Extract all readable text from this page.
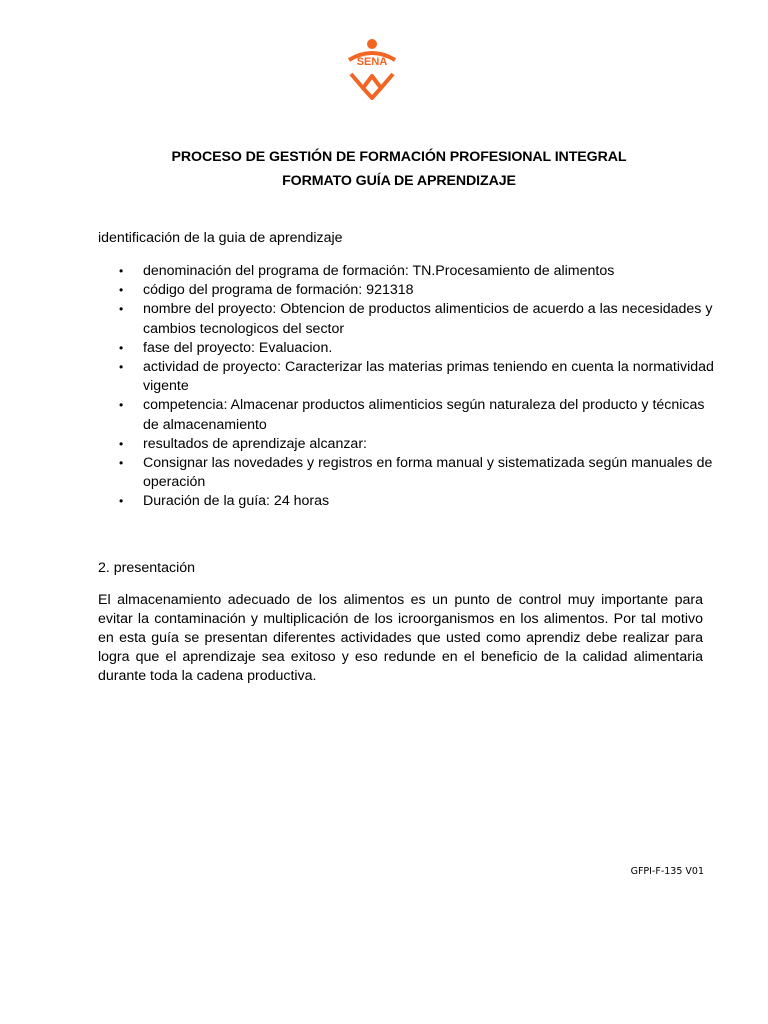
SENA
PROCESO DE GESTIÓN DE FORMACIÓN PROFESIONAL INTEGRAL
FORMATO GUÍA DE APRENDIZAJE
identificación de la guia de aprendizaje
• denominación del programa de formación: TN.Procesamiento de alimentos
• código del programa de formación: 921318
• nombre del proyecto: Obtencion de productos alimenticios de acuerdo a las necesidades y cambios tecnologicos del sector
• fase del proyecto: Evaluacion.
• actividad de proyecto: Caracterizar las materias primas teniendo en cuenta la normatividad vigente
• competencia: Almacenar productos alimenticios según naturaleza del producto y técnicas de almacenamiento
• resultados de aprendizaje alcanzar:
• Consignar las novedades y registros en forma manual y sistematizada según manuales de operación
• Duración de la guía: 24 horas
2. presentación

El almacenamiento adecuado de los alimentos es un punto de control muy importante para evitar la contaminación y multiplicación de los icroorganismos en los alimentos. Por tal motivo en esta guía se presentan diferentes actividades que usted como aprendiz debe realizar para logra que el aprendizaje sea exitoso y eso redunde en el beneficio de la calidad alimentaria durante toda la cadena productiva.

GFPI-F-135 V01
